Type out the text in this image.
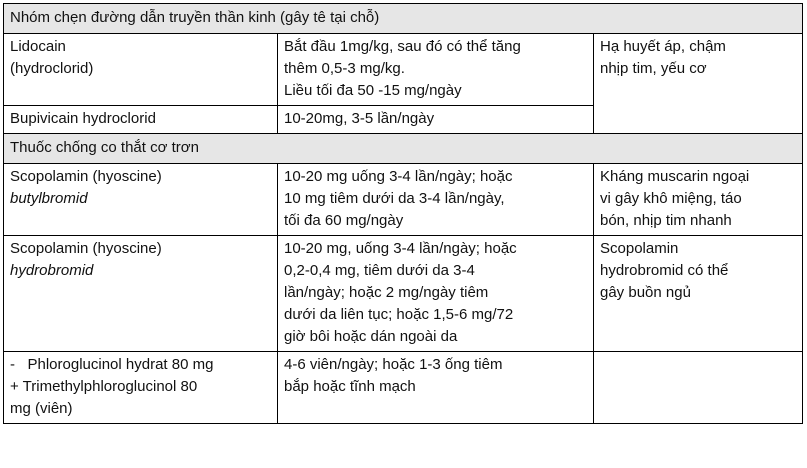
Nhóm chẹn đường dẫn truyền thần kinh (gây tê tại chỗ)		

Lidocain
(hydroclorid)	Bắt đầu 1mg/kg, sau đó có thể tăng
thêm 0,5-3 mg/kg.
Liều tối đa 50 -15 mg/ngày	Hạ huyết áp, chậm
nhịp tim, yếu cơ

Bupivicain hydroclorid	10-20mg, 3-5 lần/ngày	

Thuốc chống co thắt cơ trơn		

Scopolamin (hyoscine)
butylbromid	10-20 mg uống 3-4 lần/ngày; hoặc
10 mg tiêm dưới da 3-4 lần/ngày,
tối đa 60 mg/ngày	Kháng muscarin ngoại
vi gây khô miệng, táo
bón, nhịp tim nhanh

Scopolamin (hyoscine)
hydrobromid	10-20 mg, uống 3-4 lần/ngày; hoặc
0,2-0,4 mg, tiêm dưới da 3-4
lần/ngày; hoặc 2 mg/ngày tiêm
dưới da liên tục; hoặc 1,5-6 mg/72
giờ bôi hoặc dán ngoài da	Scopolamin
hydrobromid có thể
gây buồn ngủ

-   Phloroglucinol hydrat 80 mg
+ Trimethylphloroglucinol 80
mg (viên)	4-6 viên/ngày; hoặc 1-3 ống tiêm
bắp hoặc tĩnh mạch	
